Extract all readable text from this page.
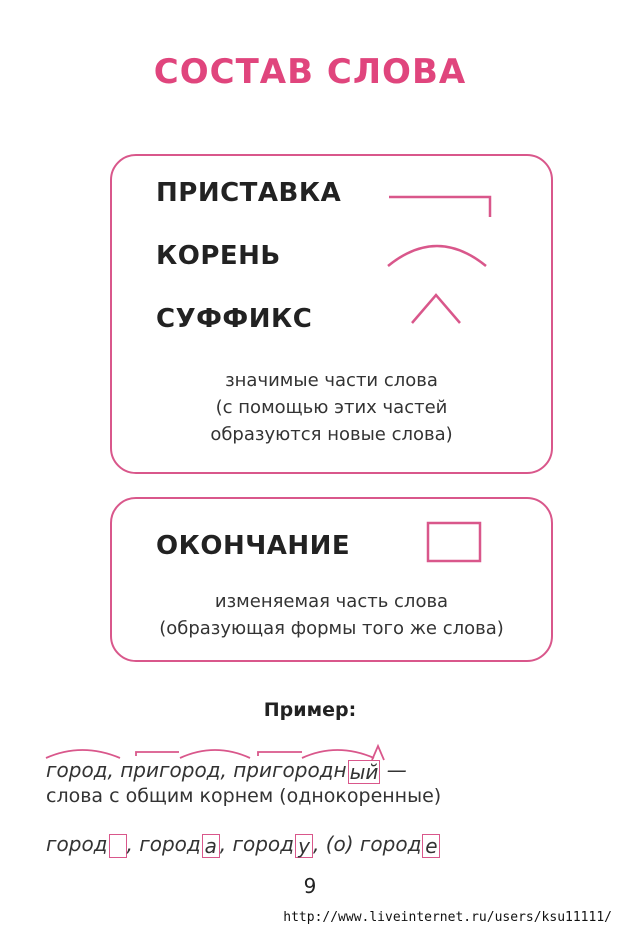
СОСТАВ СЛОВА
ПРИСТАВКА
КОРЕНЬ
СУФФИКС
значимые части слова
(с помощью этих частей
образуются новые слова)
ОКОНЧАНИЕ
изменяемая часть слова
(образующая формы того же слова)
Пример:
город, пригород, пригородн ый —
слова с общим корнем (однокоренные)
город , город а , город у , (о) город е
9
http://www.liveinternet.ru/users/ksu11111/
